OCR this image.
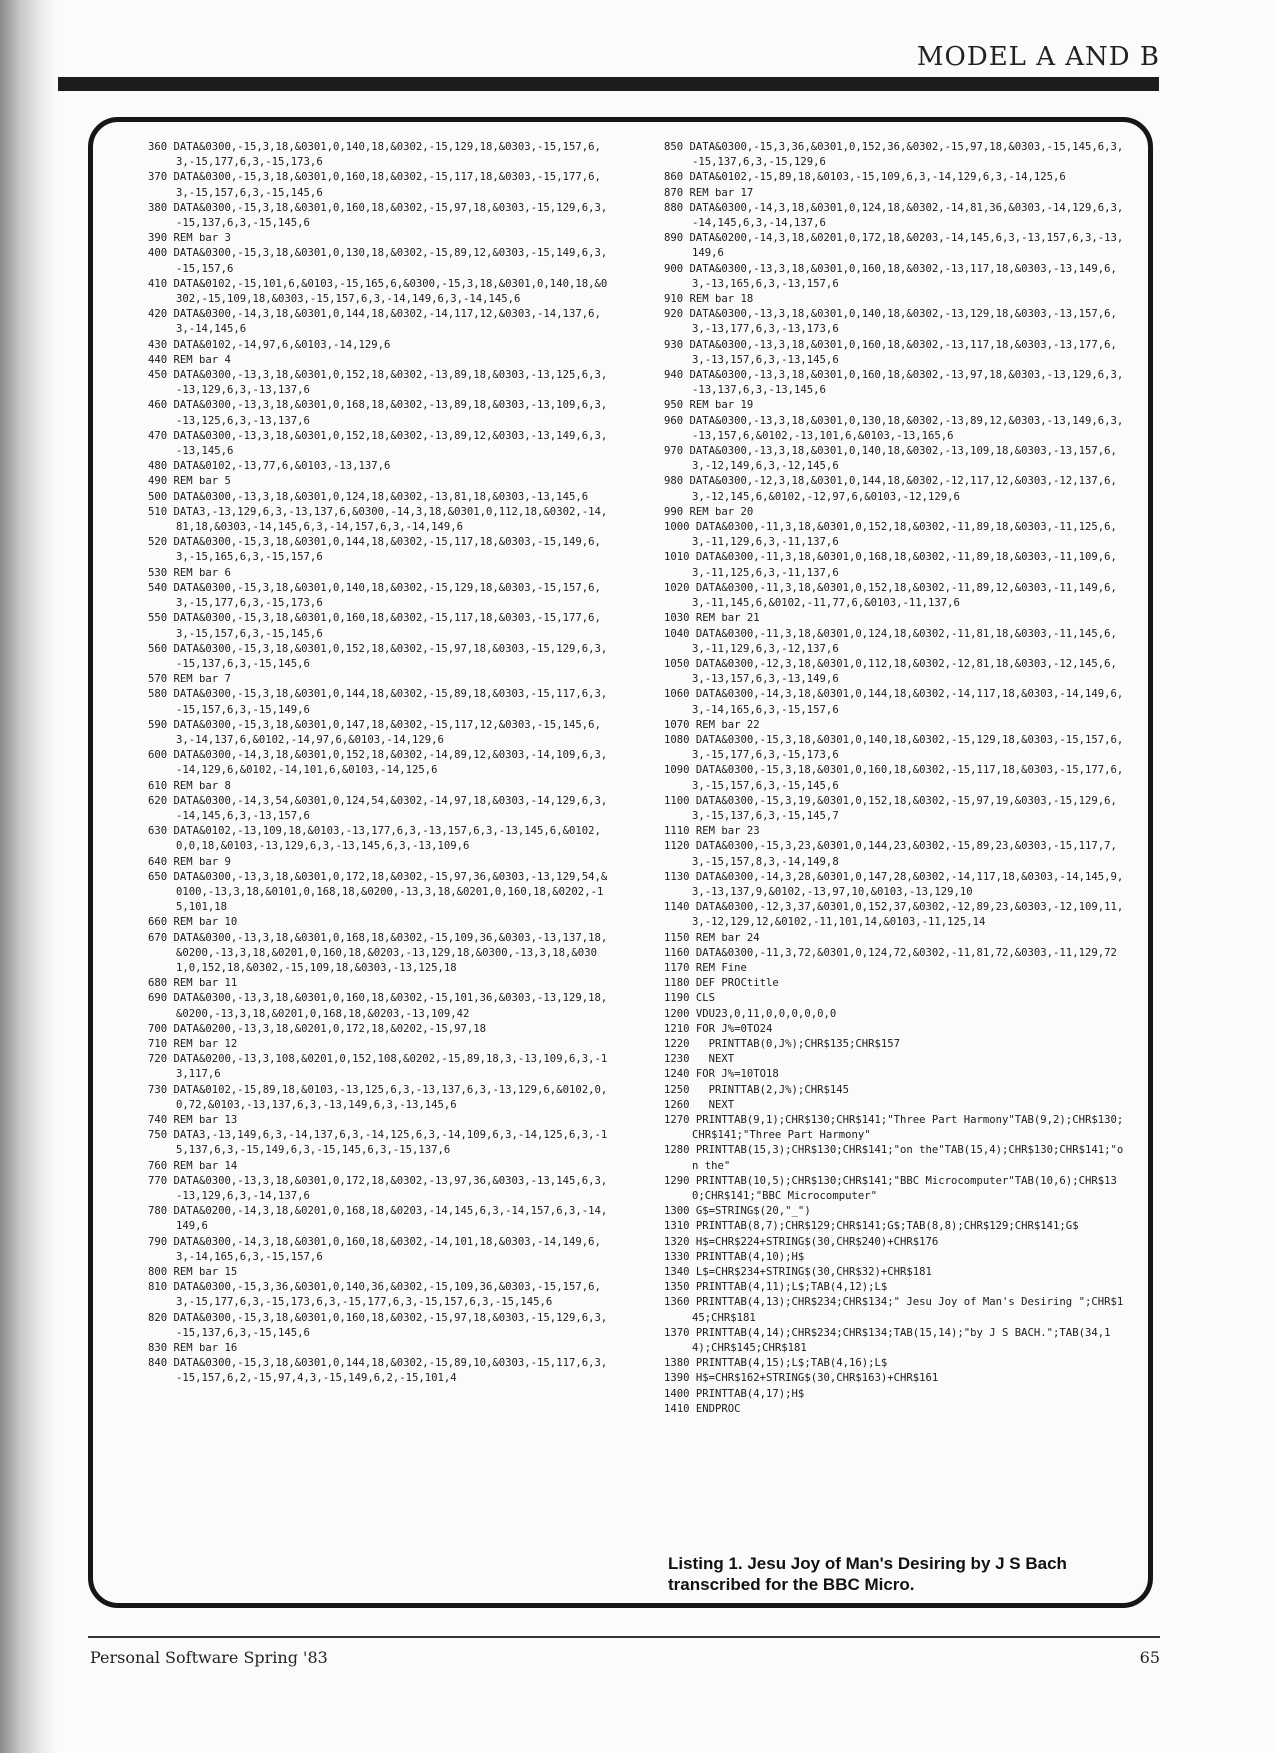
MODEL A AND B
360 DATA&0300,-15,3,18,&0301,0,140,18,&0302,-15,129,18,&0303,-15,157,6,3,-15,177,6,3,-15,173,6
370 DATA&0300,-15,3,18,&0301,0,160,18,&0302,-15,117,18,&0303,-15,177,6,3,-15,157,6,3,-15,145,6
380 DATA&0300,-15,3,18,&0301,0,160,18,&0302,-15,97,18,&0303,-15,129,6,3,-15,137,6,3,-15,145,6
390 REM bar 3
400 DATA&0300,-15,3,18,&0301,0,130,18,&0302,-15,89,12,&0303,-15,149,6,3,-15,157,6
410 DATA&0102,-15,101,6,&0103,-15,165,6,&0300,-15,3,18,&0301,0,140,18,&0302,-15,109,18,&0303,-15,157,6,3,-14,149,6,3,-14,145,6
420 DATA&0300,-14,3,18,&0301,0,144,18,&0302,-14,117,12,&0303,-14,137,6,3,-14,145,6
430 DATA&0102,-14,97,6,&0103,-14,129,6
440 REM bar 4
450 DATA&0300,-13,3,18,&0301,0,152,18,&0302,-13,89,18,&0303,-13,125,6,3,-13,129,6,3,-13,137,6
460 DATA&0300,-13,3,18,&0301,0,168,18,&0302,-13,89,18,&0303,-13,109,6,3,-13,125,6,3,-13,137,6
470 DATA&0300,-13,3,18,&0301,0,152,18,&0302,-13,89,12,&0303,-13,149,6,3,-13,145,6
480 DATA&0102,-13,77,6,&0103,-13,137,6
490 REM bar 5
500 DATA&0300,-13,3,18,&0301,0,124,18,&0302,-13,81,18,&0303,-13,145,6
510 DATA3,-13,129,6,3,-13,137,6,&0300,-14,3,18,&0301,0,112,18,&0302,-14,81,18,&0303,-14,145,6,3,-14,157,6,3,-14,149,6
520 DATA&0300,-15,3,18,&0301,0,144,18,&0302,-15,117,18,&0303,-15,149,6,3,-15,165,6,3,-15,157,6
530 REM bar 6
540 DATA&0300,-15,3,18,&0301,0,140,18,&0302,-15,129,18,&0303,-15,157,6,3,-15,177,6,3,-15,173,6
550 DATA&0300,-15,3,18,&0301,0,160,18,&0302,-15,117,18,&0303,-15,177,6,3,-15,157,6,3,-15,145,6
560 DATA&0300,-15,3,18,&0301,0,152,18,&0302,-15,97,18,&0303,-15,129,6,3,-15,137,6,3,-15,145,6
570 REM bar 7
580 DATA&0300,-15,3,18,&0301,0,144,18,&0302,-15,89,18,&0303,-15,117,6,3,-15,157,6,3,-15,149,6
590 DATA&0300,-15,3,18,&0301,0,147,18,&0302,-15,117,12,&0303,-15,145,6,3,-14,137,6,&0102,-14,97,6,&0103,-14,129,6
600 DATA&0300,-14,3,18,&0301,0,152,18,&0302,-14,89,12,&0303,-14,109,6,3,-14,129,6,&0102,-14,101,6,&0103,-14,125,6
610 REM bar 8
620 DATA&0300,-14,3,54,&0301,0,124,54,&0302,-14,97,18,&0303,-14,129,6,3,-14,145,6,3,-13,157,6
630 DATA&0102,-13,109,18,&0103,-13,177,6,3,-13,157,6,3,-13,145,6,&0102,0,0,18,&0103,-13,129,6,3,-13,145,6,3,-13,109,6
640 REM bar 9
650 DATA&0300,-13,3,18,&0301,0,172,18,&0302,-15,97,36,&0303,-13,129,54,&0100,-13,3,18,&0101,0,168,18,&0200,-13,3,18,&0201,0,160,18,&0202,-15,101,18
660 REM bar 10
670 DATA&0300,-13,3,18,&0301,0,168,18,&0302,-15,109,36,&0303,-13,137,18,&0200,-13,3,18,&0201,0,160,18,&0203,-13,129,18,&0300,-13,3,18,&0301,0,152,18,&0302,-15,109,18,&0303,-13,125,18
680 REM bar 11
690 DATA&0300,-13,3,18,&0301,0,160,18,&0302,-15,101,36,&0303,-13,129,18,&0200,-13,3,18,&0201,0,168,18,&0203,-13,109,42
700 DATA&0200,-13,3,18,&0201,0,172,18,&0202,-15,97,18
710 REM bar 12
720 DATA&0200,-13,3,108,&0201,0,152,108,&0202,-15,89,18,3,-13,109,6,3,-13,117,6
730 DATA&0102,-15,89,18,&0103,-13,125,6,3,-13,137,6,3,-13,129,6,&0102,0,0,72,&0103,-13,137,6,3,-13,149,6,3,-13,145,6
740 REM bar 13
750 DATA3,-13,149,6,3,-14,137,6,3,-14,125,6,3,-14,109,6,3,-14,125,6,3,-15,137,6,3,-15,149,6,3,-15,145,6,3,-15,137,6
760 REM bar 14
770 DATA&0300,-13,3,18,&0301,0,172,18,&0302,-13,97,36,&0303,-13,145,6,3,-13,129,6,3,-14,137,6
780 DATA&0200,-14,3,18,&0201,0,168,18,&0203,-14,145,6,3,-14,157,6,3,-14,149,6
790 DATA&0300,-14,3,18,&0301,0,160,18,&0302,-14,101,18,&0303,-14,149,6,3,-14,165,6,3,-15,157,6
800 REM bar 15
810 DATA&0300,-15,3,36,&0301,0,140,36,&0302,-15,109,36,&0303,-15,157,6,3,-15,177,6,3,-15,173,6,3,-15,177,6,3,-15,157,6,3,-15,145,6
820 DATA&0300,-15,3,18,&0301,0,160,18,&0302,-15,97,18,&0303,-15,129,6,3,-15,137,6,3,-15,145,6
830 REM bar 16
840 DATA&0300,-15,3,18,&0301,0,144,18,&0302,-15,89,10,&0303,-15,117,6,3,-15,157,6,2,-15,97,4,3,-15,149,6,2,-15,101,4
850 DATA&0300,-15,3,36,&0301,0,152,36,&0302,-15,97,18,&0303,-15,145,6,3,-15,137,6,3,-15,129,6
860 DATA&0102,-15,89,18,&0103,-15,109,6,3,-14,129,6,3,-14,125,6
870 REM bar 17
880 DATA&0300,-14,3,18,&0301,0,124,18,&0302,-14,81,36,&0303,-14,129,6,3,-14,145,6,3,-14,137,6
890 DATA&0200,-14,3,18,&0201,0,172,18,&0203,-14,145,6,3,-13,157,6,3,-13,149,6
900 DATA&0300,-13,3,18,&0301,0,160,18,&0302,-13,117,18,&0303,-13,149,6,3,-13,165,6,3,-13,157,6
910 REM bar 18
920 DATA&0300,-13,3,18,&0301,0,140,18,&0302,-13,129,18,&0303,-13,157,6,3,-13,177,6,3,-13,173,6
930 DATA&0300,-13,3,18,&0301,0,160,18,&0302,-13,117,18,&0303,-13,177,6,3,-13,157,6,3,-13,145,6
940 DATA&0300,-13,3,18,&0301,0,160,18,&0302,-13,97,18,&0303,-13,129,6,3,-13,137,6,3,-13,145,6
950 REM bar 19
960 DATA&0300,-13,3,18,&0301,0,130,18,&0302,-13,89,12,&0303,-13,149,6,3,-13,157,6,&0102,-13,101,6,&0103,-13,165,6
970 DATA&0300,-13,3,18,&0301,0,140,18,&0302,-13,109,18,&0303,-13,157,6,3,-12,149,6,3,-12,145,6
980 DATA&0300,-12,3,18,&0301,0,144,18,&0302,-12,117,12,&0303,-12,137,6,3,-12,145,6,&0102,-12,97,6,&0103,-12,129,6
990 REM bar 20
1000 DATA&0300,-11,3,18,&0301,0,152,18,&0302,-11,89,18,&0303,-11,125,6,3,-11,129,6,3,-11,137,6
1010 DATA&0300,-11,3,18,&0301,0,168,18,&0302,-11,89,18,&0303,-11,109,6,3,-11,125,6,3,-11,137,6
1020 DATA&0300,-11,3,18,&0301,0,152,18,&0302,-11,89,12,&0303,-11,149,6,3,-11,145,6,&0102,-11,77,6,&0103,-11,137,6
1030 REM bar 21
1040 DATA&0300,-11,3,18,&0301,0,124,18,&0302,-11,81,18,&0303,-11,145,6,3,-11,129,6,3,-12,137,6
1050 DATA&0300,-12,3,18,&0301,0,112,18,&0302,-12,81,18,&0303,-12,145,6,3,-13,157,6,3,-13,149,6
1060 DATA&0300,-14,3,18,&0301,0,144,18,&0302,-14,117,18,&0303,-14,149,6,3,-14,165,6,3,-15,157,6
1070 REM bar 22
1080 DATA&0300,-15,3,18,&0301,0,140,18,&0302,-15,129,18,&0303,-15,157,6,3,-15,177,6,3,-15,173,6
1090 DATA&0300,-15,3,18,&0301,0,160,18,&0302,-15,117,18,&0303,-15,177,6,3,-15,157,6,3,-15,145,6
1100 DATA&0300,-15,3,19,&0301,0,152,18,&0302,-15,97,19,&0303,-15,129,6,3,-15,137,6,3,-15,145,7
1110 REM bar 23
1120 DATA&0300,-15,3,23,&0301,0,144,23,&0302,-15,89,23,&0303,-15,117,7,3,-15,157,8,3,-14,149,8
1130 DATA&0300,-14,3,28,&0301,0,147,28,&0302,-14,117,18,&0303,-14,145,9,3,-13,137,9,&0102,-13,97,10,&0103,-13,129,10
1140 DATA&0300,-12,3,37,&0301,0,152,37,&0302,-12,89,23,&0303,-12,109,11,3,-12,129,12,&0102,-11,101,14,&0103,-11,125,14
1150 REM bar 24
1160 DATA&0300,-11,3,72,&0301,0,124,72,&0302,-11,81,72,&0303,-11,129,72
1170 REM Fine
1180 DEF PROCtitle
1190 CLS
1200 VDU23,0,11,0,0,0,0,0,0
1210 FOR J%=0TO24
1220   PRINTTAB(0,J%);CHR$135;CHR$157
1230   NEXT
1240 FOR J%=10TO18
1250   PRINTTAB(2,J%);CHR$145
1260   NEXT
1270 PRINTTAB(9,1);CHR$130;CHR$141;"Three Part Harmony"TAB(9,2);CHR$130;CHR$141;"Three Part Harmony"
1280 PRINTTAB(15,3);CHR$130;CHR$141;"on the"TAB(15,4);CHR$130;CHR$141;"on the"
1290 PRINTTAB(10,5);CHR$130;CHR$141;"BBC Microcomputer"TAB(10,6);CHR$130;CHR$141;"BBC Microcomputer"
1300 G$=STRING$(20,"_")
1310 PRINTTAB(8,7);CHR$129;CHR$141;G$;TAB(8,8);CHR$129;CHR$141;G$
1320 H$=CHR$224+STRING$(30,CHR$240)+CHR$176
1330 PRINTTAB(4,10);H$
1340 L$=CHR$234+STRING$(30,CHR$32)+CHR$181
1350 PRINTTAB(4,11);L$;TAB(4,12);L$
1360 PRINTTAB(4,13);CHR$234;CHR$134;" Jesu Joy of Man's Desiring ";CHR$145;CHR$181
1370 PRINTTAB(4,14);CHR$234;CHR$134;TAB(15,14);"by J S BACH.";TAB(34,14);CHR$145;CHR$181
1380 PRINTTAB(4,15);L$;TAB(4,16);L$
1390 H$=CHR$162+STRING$(30,CHR$163)+CHR$161
1400 PRINTTAB(4,17);H$
1410 ENDPROC
Listing 1. Jesu Joy of Man's Desiring by J S Bach transcribed for the BBC Micro.
Personal Software Spring '83	65
